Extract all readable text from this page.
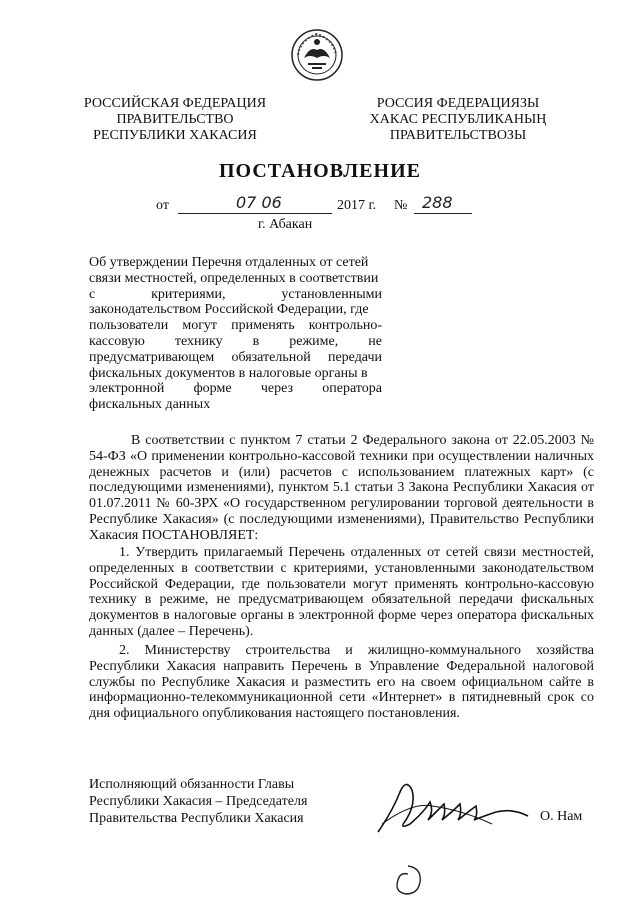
РОССИЙСКАЯ ФЕДЕРАЦИЯ
ПРАВИТЕЛЬСТВО
РЕСПУБЛИКИ ХАКАСИЯ
РОССИЯ ФЕДЕРАЦИЯЗЫ
ХАКАС РЕСПУБЛИКАНЫҢ
ПРАВИТЕЛЬСТВОЗЫ
ПОСТАНОВЛЕНИЕ
от	07 06	2017 г. № 288
г. Абакан
Об утверждении Перечня отдаленных от сетей
связи местностей, определенных в соответствии
с	критериями,	установленными
законодательством Российской Федерации, где
пользователи могут применять контрольно-
кассовую технику в режиме, не
предусматривающем обязательной передачи
фискальных документов в налоговые органы в
электронной форме через оператора
фискальных данных
В соответствии с пунктом 7 статьи 2 Федерального закона от 22.05.2003 № 54-ФЗ «О применении контрольно-кассовой техники при осуществлении наличных денежных расчетов и (или) расчетов с использованием платежных карт» (с последующими изменениями), пунктом 5.1 статьи 3 Закона Республики Хакасия от 01.07.2011 № 60-ЗРХ «О государственном регулировании торговой деятельности в Республике Хакасия» (с последующими изменениями), Правительство Республики Хакасия ПОСТАНОВЛЯЕТ:
1. Утвердить прилагаемый Перечень отдаленных от сетей связи местностей, определенных в соответствии с критериями, установленными законодательством Российской Федерации, где пользователи могут применять контрольно-кассовую технику в режиме, не предусматривающем обязательной передачи фискальных документов в налоговые органы в электронной форме через оператора фискальных данных (далее – Перечень).
2. Министерству строительства и жилищно-коммунального хозяйства Республики Хакасия направить Перечень в Управление Федеральной налоговой службы по Республике Хакасия и разместить его на своем официальном сайте в информационно-телекоммуникационной сети «Интернет» в пятидневный срок со дня официального опубликования настоящего постановления.
Исполняющий обязанности Главы
Республики Хакасия – Председателя
Правительства Республики Хакасия	О. Нам
